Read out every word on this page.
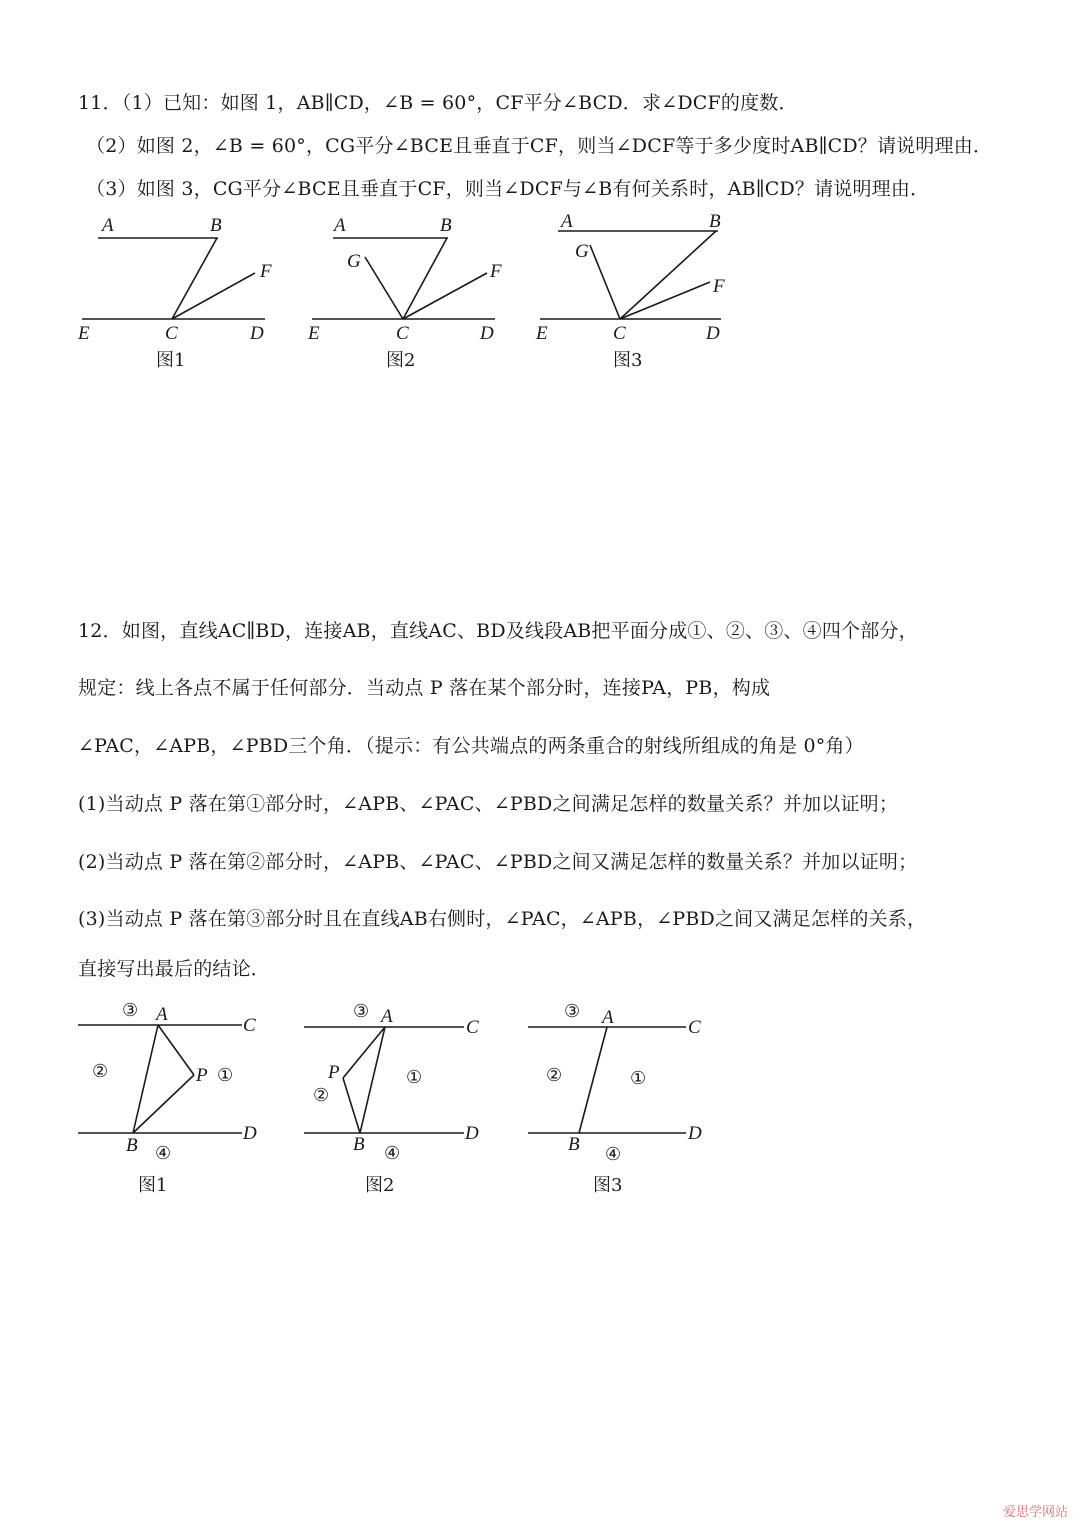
11．（1）已知：如图 1，AB∥CD，∠B = 60°，CF平分∠BCD．求∠DCF的度数．
（2）如图 2，∠B = 60°，CG平分∠BCE且垂直于CF，则当∠DCF等于多少度时AB∥CD？请说明理由．
（3）如图 3，CG平分∠BCE且垂直于CF，则当∠DCF与∠B有何关系时，AB∥CD？请说明理由．
A	B
F
E	C	D
图1
A	B
G	F
E	C	D
图2
A	B
G
F
E	C	D
图3
12．如图，直线AC∥BD，连接AB，直线AC、BD及线段AB把平面分成①、②、③、④四个部分，
规定：线上各点不属于任何部分．当动点 P 落在某个部分时，连接PA，PB，构成
∠PAC，∠APB，∠PBD三个角．（提示：有公共端点的两条重合的射线所组成的角是 0°角）
(1)当动点 P 落在第①部分时，∠APB、∠PAC、∠PBD之间满足怎样的数量关系？并加以证明；
(2)当动点 P 落在第②部分时，∠APB、∠PAC、∠PBD之间又满足怎样的数量关系？并加以证明；
(3)当动点 P 落在第③部分时且在直线AB右侧时，∠PAC，∠APB，∠PBD之间又满足怎样的关系，
直接写出最后的结论．
③ A
C
②	P ①
B
D
④
图1
③ A
C
P
②
①
B
D
④
图2
③ A	C
②	①
B
D
④
图3
爱思学网站
